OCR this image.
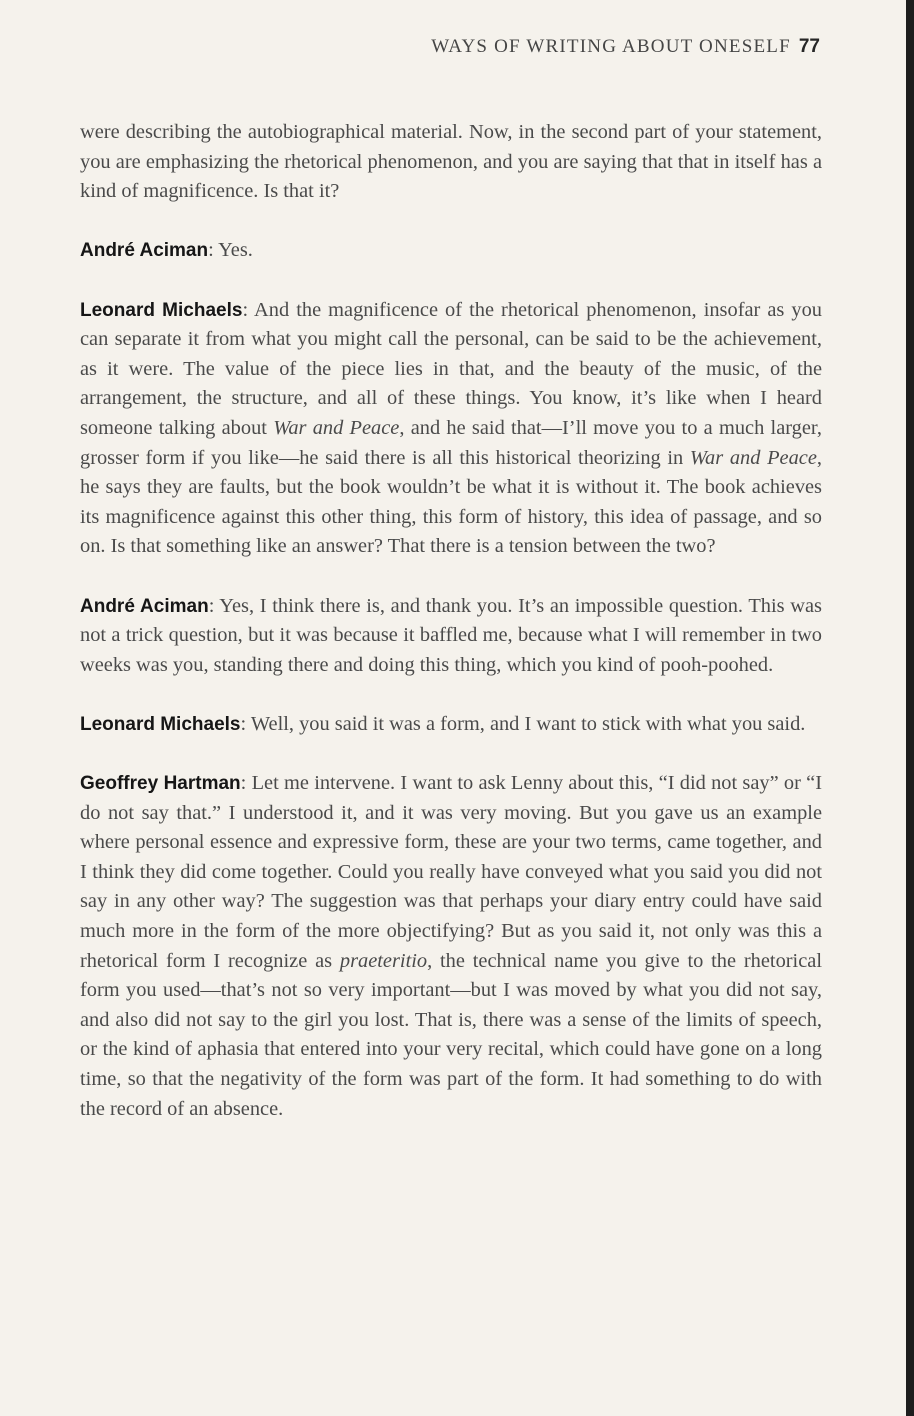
WAYS OF WRITING ABOUT ONESELF 77

were describing the autobiographical material. Now, in the second part of your statement, you are emphasizing the rhetorical phenomenon, and you are saying that that in itself has a kind of magnificence. Is that it?

André Aciman: Yes.

Leonard Michaels: And the magnificence of the rhetorical phenomenon, insofar as you can separate it from what you might call the personal, can be said to be the achievement, as it were. The value of the piece lies in that, and the beauty of the music, of the arrangement, the structure, and all of these things. You know, it’s like when I heard someone talking about War and Peace, and he said that—I’ll move you to a much larger, grosser form if you like—he said there is all this historical theorizing in War and Peace, he says they are faults, but the book wouldn’t be what it is without it. The book achieves its magnificence against this other thing, this form of history, this idea of passage, and so on. Is that something like an answer? That there is a tension between the two?

André Aciman: Yes, I think there is, and thank you. It’s an impossible question. This was not a trick question, but it was because it baffled me, because what I will remember in two weeks was you, standing there and doing this thing, which you kind of pooh-poohed.

Leonard Michaels: Well, you said it was a form, and I want to stick with what you said.

Geoffrey Hartman: Let me intervene. I want to ask Lenny about this, “I did not say” or “I do not say that.” I understood it, and it was very moving. But you gave us an example where personal essence and expressive form, these are your two terms, came together, and I think they did come together. Could you really have conveyed what you said you did not say in any other way? The suggestion was that perhaps your diary entry could have said much more in the form of the more objectifying? But as you said it, not only was this a rhetorical form I recognize as praeteritio, the technical name you give to the rhetorical form you used—that’s not so very important—but I was moved by what you did not say, and also did not say to the girl you lost. That is, there was a sense of the limits of speech, or the kind of aphasia that entered into your very recital, which could have gone on a long time, so that the negativity of the form was part of the form. It had something to do with the record of an absence.
